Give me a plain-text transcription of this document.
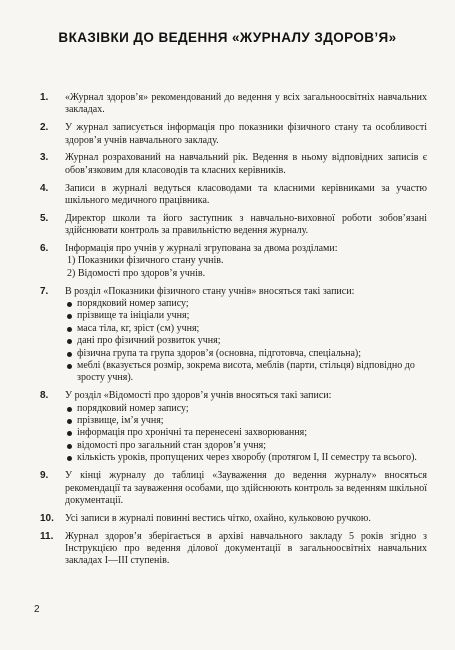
ВКАЗІВКИ ДО ВЕДЕННЯ «ЖУРНАЛУ ЗДОРОВ’Я»
1.	«Журнал здоров’я» рекомендований до ведення у всіх загальноосвітніх навчальних закладах.
2.	У журнал записується інформація про показники фізичного стану та особливості здоров’я учнів навчального закладу.
3.	Журнал розрахований на навчальний рік. Ведення в ньому відповідних записів є обов’язковим для класоводів та класних керівників.
4.	Записи в журналі ведуться класоводами та класними керівниками за участю шкільного медичного працівника.
5.	Директор школи та його заступник з навчально-виховної роботи зобов’язані здійснювати контроль за правильністю ведення журналу.
6.	Інформація про учнів у журналі згрупована за двома розділами:
1) Показники фізичного стану учнів.
2) Відомості про здоров’я учнів.
7.	В розділ «Показники фізичного стану учнів» вносяться такі записи:
порядковий номер запису;
прізвище та ініціали учня;
маса тіла, кг, зріст (см) учня;
дані про фізичний розвиток учня;
фізична група та група здоров’я (основна, підготовча, спеціальна);
меблі (вказується розмір, зокрема висота, меблів (парти, стільця) відповідно до зросту учня).
8.	У розділ «Відомості про здоров’я учнів вносяться такі записи:
порядковий номер запису;
прізвище, ім’я учня;
інформація про хронічні та перенесені захворювання;
відомості про загальний стан здоров’я учня;
кількість уроків, пропущених через хворобу (протягом І, ІІ семестру та всього).
9.	У кінці журналу до таблиці «Зауваження до ведення журналу» вносяться рекомендації та зауваження особами, що здійснюють контроль за веденням шкільної документації.
10.	Усі записи в журналі повинні вестись чітко, охайно, кульковою ручкою.
11.	Журнал здоров’я зберігається в архіві навчального закладу 5 років згідно з Інструкцією про ведення ділової документації в загальноосвітніх навчальних закладах І—ІІІ ступенів.
2
